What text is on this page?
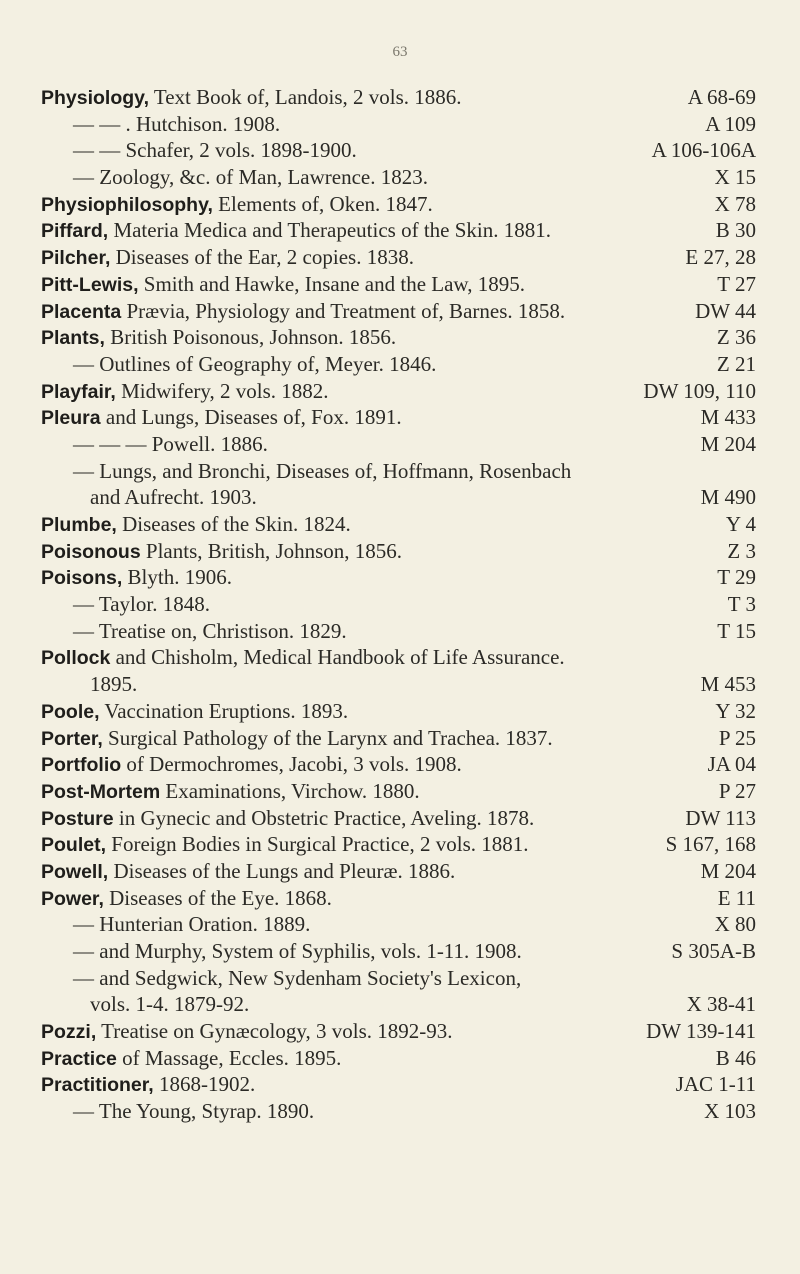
63
Physiology, Text Book of, Landois, 2 vols. 1886.	A 68-69
— — . Hutchison. 1908.	A 109
— — Schafer, 2 vols. 1898-1900.	A 106-106A
— Zoology, &c. of Man, Lawrence. 1823.	X 15
Physiophilosophy, Elements of, Oken. 1847.	X 78
Piffard, Materia Medica and Therapeutics of the Skin. 1881.	B 30
Pilcher, Diseases of the Ear, 2 copies. 1838.	E 27, 28
Pitt-Lewis, Smith and Hawke, Insane and the Law, 1895.	T 27
Placenta Prævia, Physiology and Treatment of, Barnes. 1858.	DW 44
Plants, British Poisonous, Johnson. 1856.	Z 36
— Outlines of Geography of, Meyer. 1846.	Z 21
Playfair, Midwifery, 2 vols. 1882.	DW 109, 110
Pleura and Lungs, Diseases of, Fox. 1891.	M 433
— — — Powell. 1886.	M 204
— Lungs, and Bronchi, Diseases of, Hoffmann, Rosenbach
and Aufrecht. 1903.	M 490
Plumbe, Diseases of the Skin. 1824.	Y 4
Poisonous Plants, British, Johnson, 1856.	Z 3
Poisons, Blyth. 1906.	T 29
— Taylor. 1848.	T 3
— Treatise on, Christison. 1829.	T 15
Pollock and Chisholm, Medical Handbook of Life Assurance.
1895.	M 453
Poole, Vaccination Eruptions. 1893.	Y 32
Porter, Surgical Pathology of the Larynx and Trachea. 1837.	P 25
Portfolio of Dermochromes, Jacobi, 3 vols. 1908.	JA 04
Post-Mortem Examinations, Virchow. 1880.	P 27
Posture in Gynecic and Obstetric Practice, Aveling. 1878.	DW 113
Poulet, Foreign Bodies in Surgical Practice, 2 vols. 1881.	S 167, 168
Powell, Diseases of the Lungs and Pleuræ. 1886.	M 204
Power, Diseases of the Eye. 1868.	E 11
— Hunterian Oration. 1889.	X 80
— and Murphy, System of Syphilis, vols. 1-11. 1908.	S 305A-B
— and Sedgwick, New Sydenham Society's Lexicon,
vols. 1-4. 1879-92.	X 38-41
Pozzi, Treatise on Gynæcology, 3 vols. 1892-93.	DW 139-141
Practice of Massage, Eccles. 1895.	B 46
Practitioner, 1868-1902.	JAC 1-11
— The Young, Styrap. 1890.	X 103
